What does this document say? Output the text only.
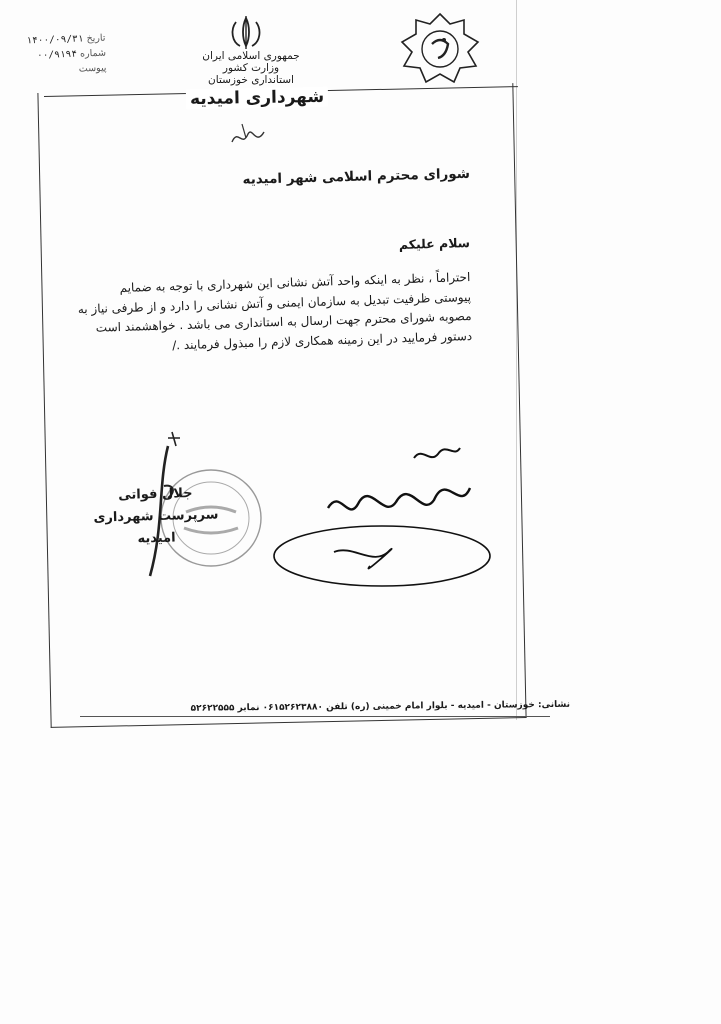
جمهوری اسلامی ایران
وزارت کشور
استانداری خوزستان
شهرداری امیدیه
تاریخ ۱۴۰۰/۰۹/۳۱
شماره ۰۰/۹۱۹۴
پیوست
شورای محترم اسلامی شهر امیدیه
سلام علیکم
احتراماً ، نظر به اینکه واحد آتش نشانی این شهرداری با توجه به ضمایم
پیوستی ظرفیت تبدیل به سازمان ایمنی و آتش نشانی را دارد و از طرفی نیاز به
مصوبه شورای محترم جهت ارسال به استانداری می باشد . خواهشمند است
دستور فرمایید در این زمینه همکاری لازم را مبذول فرمایند ./
جلال فواتی
سرپرست شهرداری امیدیه
نشانی: خوزستان - امیدیه - بلوار امام خمینی (ره) تلفن ۰۶۱۵۲۶۲۳۸۸۰ نمابر ۵۲۶۲۲۵۵۵
